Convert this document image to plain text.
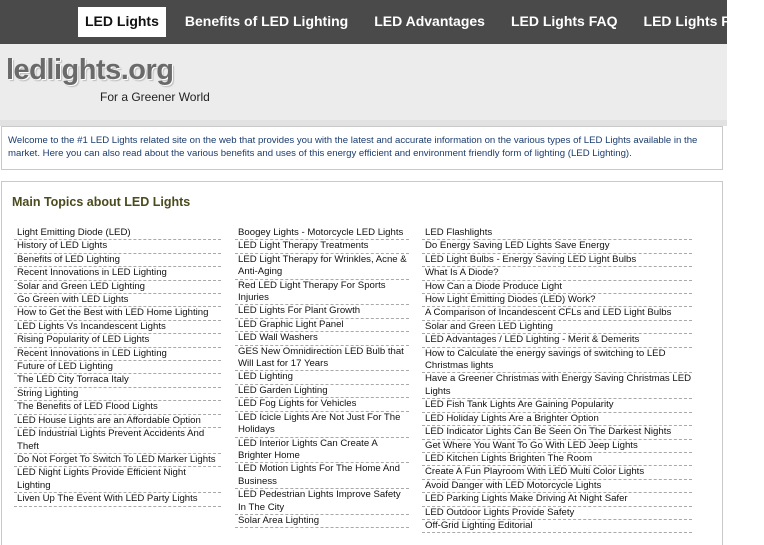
LED Lights	Benefits of LED Lighting	LED Advantages	LED Lights FAQ	LED Lights FOR
ledlights.org
For a Greener World
Welcome to the #1 LED Lights related site on the web that provides you with the latest and accurate information on the various types of LED Lights available in the market. Here you can also read about the various benefits and uses of this energy efficient and environment friendly form of lighting (LED Lighting).
Main Topics about LED Lights
Light Emitting Diode (LED)
History of LED Lights
Benefits of LED Lighting
Recent Innovations in LED Lighting
Solar and Green LED Lighting
Go Green with LED Lights
How to Get the Best with LED Home Lighting
LED Lights Vs Incandescent Lights
Rising Popularity of LED Lights
Recent Innovations in LED Lighting
Future of LED Lighting
The LED City Torraca Italy
String Lighting
The Benefits of LED Flood Lights
LED House Lights are an Affordable Option
LED Industrial Lights Prevent Accidents And Theft
Do Not Forget To Switch To LED Marker Lights
LED Night Lights Provide Efficient Night Lighting
Liven Up The Event With LED Party Lights
Boogey Lights - Motorcycle LED Lights
LED Light Therapy Treatments
LED Light Therapy for Wrinkles, Acne & Anti-Aging
Red LED Light Therapy For Sports Injuries
LED Lights For Plant Growth
LED Graphic Light Panel
LED Wall Washers
GES New Omnidirection LED Bulb that Will Last for 17 Years
LED Lighting
LED Garden Lighting
LED Fog Lights for Vehicles
LED Icicle Lights Are Not Just For The Holidays
LED Interior Lights Can Create A Brighter Home
LED Motion Lights For The Home And Business
LED Pedestrian Lights Improve Safety In The City
Solar Area Lighting
LED Flashlights
Do Energy Saving LED Lights Save Energy
LED Light Bulbs - Energy Saving LED Light Bulbs
What Is A Diode?
How Can a Diode Produce Light
How Light Emitting Diodes (LED) Work?
A Comparison of Incandescent CFLs and LED Light Bulbs
Solar and Green LED Lighting
LED Advantages / LED Lighting - Merit & Demerits
How to Calculate the energy savings of switching to LED Christmas lights
Have a Greener Christmas with Energy Saving Christmas LED Lights
LED Fish Tank Lights Are Gaining Popularity
LED Holiday Lights Are a Brighter Option
LED Indicator Lights Can Be Seen On The Darkest Nights
Get Where You Want To Go With LED Jeep Lights
LED Kitchen Lights Brighten The Room
Create A Fun Playroom With LED Multi Color Lights
Avoid Danger with LED Motorcycle Lights
LED Parking Lights Make Driving At Night Safer
LED Outdoor Lights Provide Safety
Off-Grid Lighting Editorial
